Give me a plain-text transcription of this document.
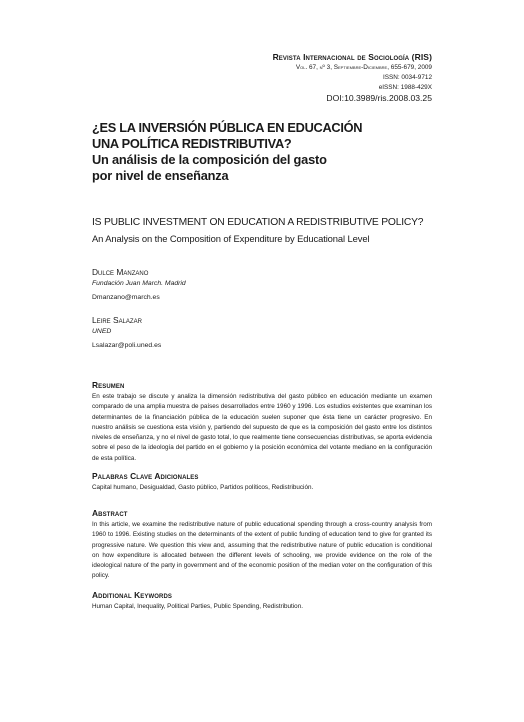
Revista Internacional de Sociología (RIS)
Vol. 67, nº 3, Septiembre-Diciembre, 655-679, 2009
ISSN: 0034-9712
eISSN: 1988-429X
DOI:10.3989/ris.2008.03.25

¿ES LA INVERSIÓN PÚBLICA EN EDUCACIÓN

UNA POLÍTICA REDISTRIBUTIVA?

Un análisis de la composición del gasto

por nivel de enseñanza

IS PUBLIC INVESTMENT ON EDUCATION A REDISTRIBUTIVE POLICY?
An Analysis on the Composition of Expenditure by Educational Level
Dulce Manzano
Fundación Juan March. Madrid
Dmanzano@march.es
Leire Salazar
UNED
Lsalazar@poli.uned.es
Resumen
En este trabajo se discute y analiza la dimensión redistributiva del gasto público en educación mediante un examen comparado de una amplia muestra de países desarrollados entre 1960 y 1996. Los estudios existentes que examinan los determinantes de la financiación pública de la educación suelen suponer que ésta tiene un carácter progresivo. En nuestro análisis se cuestiona esta visión y, partiendo del supuesto de que es la composición del gasto entre los distintos niveles de enseñanza, y no el nivel de gasto total, lo que realmente tiene consecuencias distributivas, se aporta evidencia sobre el peso de la ideología del partido en el gobierno y la posición económica del votante mediano en la configuración de esta política.
Palabras Clave Adicionales
Capital humano, Desigualdad, Gasto público, Partidos políticos, Redistribución.
Abstract
In this article, we examine the redistributive nature of public educational spending through a cross-country analysis from 1960 to 1996. Existing studies on the determinants of the extent of public funding of education tend to give for granted its progressive nature. We question this view and, assuming that the redistributive nature of public education is conditional on how expenditure is allocated between the different levels of schooling, we provide evidence on the role of the ideological nature of the party in government and of the economic position of the median voter on the configuration of this policy.
Additional Keywords
Human Capital, Inequality, Political Parties, Public Spending, Redistribution.
